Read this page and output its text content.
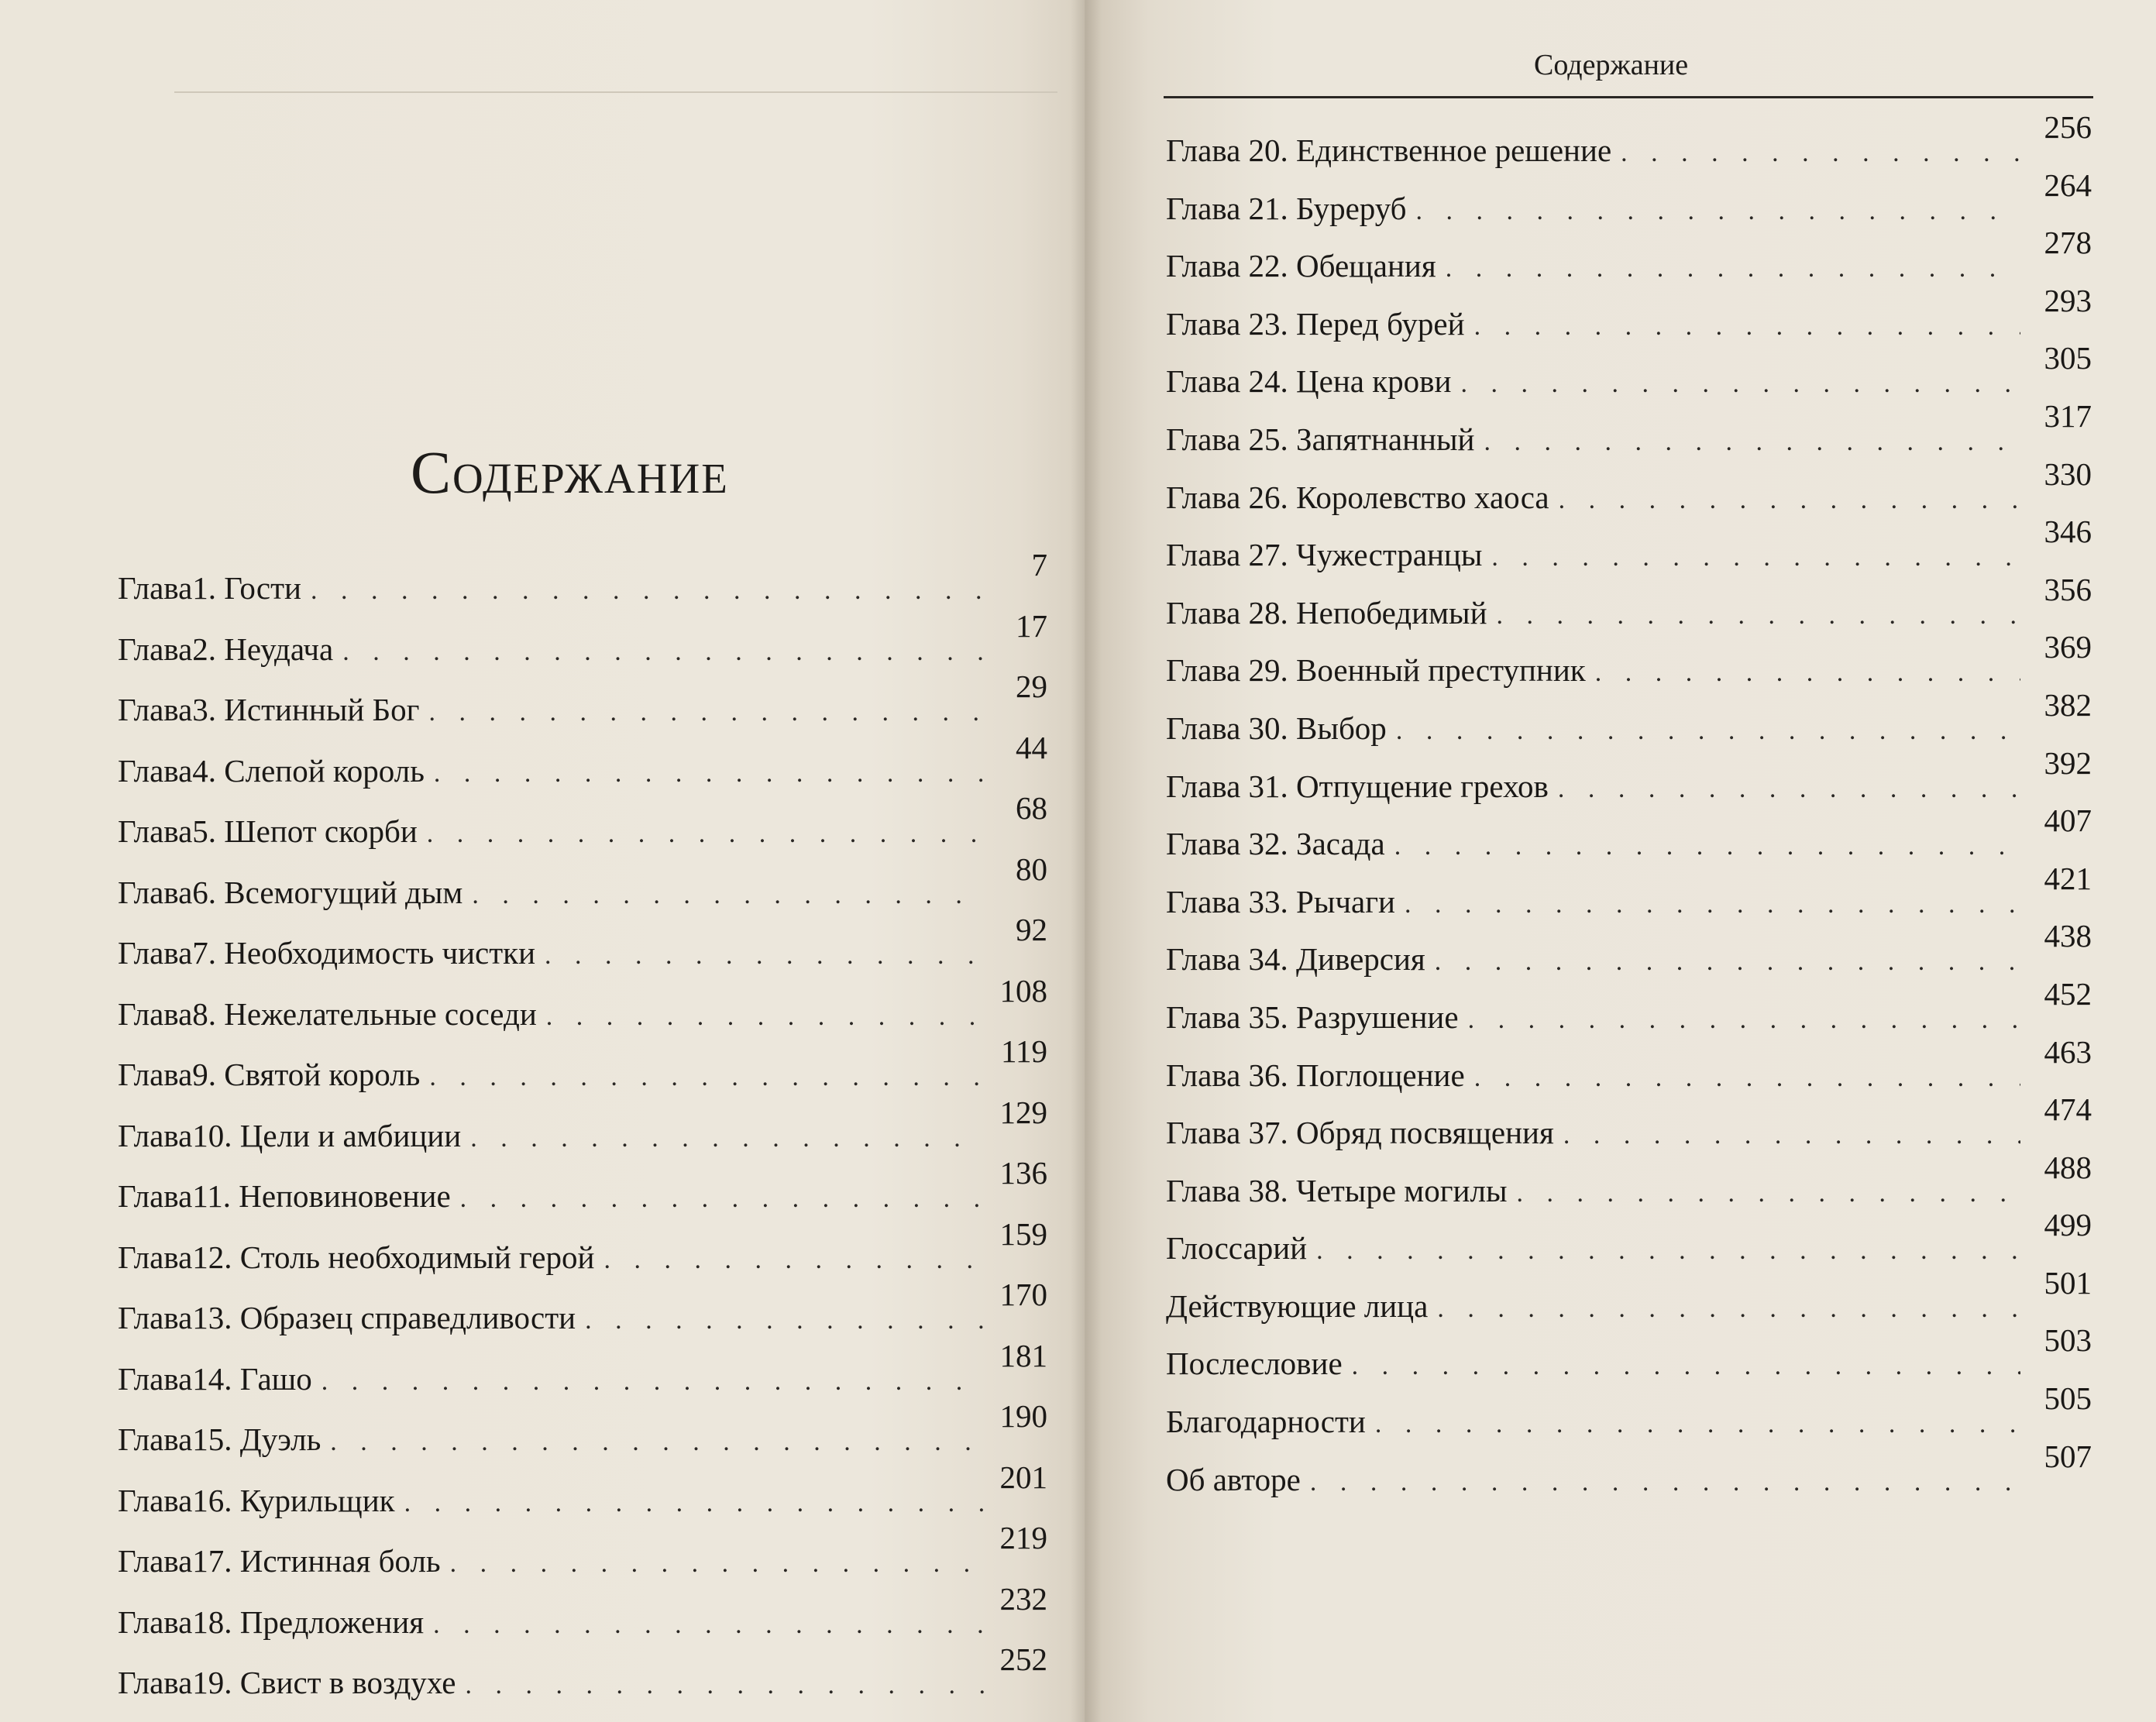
Содержание
Глава 1. Гости
. . .
7
Глава 2. Неудача
. . .
17
Глава 3. Истинный Бог
. . .
29
Глава 4. Слепой король
. . .
44
Глава 5. Шепот скорби
. . .
68
Глава 6. Всемогущий дым
. . .
80
Глава 7. Необходимость чистки
. . .
92
Глава 8. Нежелательные соседи
. . .
108
Глава 9. Святой король
. . .
119
Глава 10. Цели и амбиции
. . .
129
Глава 11. Неповиновение
. . .
136
Глава 12. Столь необходимый герой
. . .
159
Глава 13. Образец справедливости
. . .
170
Глава 14. Гашо
. . .
181
Глава 15. Дуэль
. . .
190
Глава 16. Курильщик
. . .
201
Глава 17. Истинная боль
. . .
219
Глава 18. Предложения
. . .
232
Глава 19. Свист в воздухе
. . .
252
Содержание
Глава 20. Единственное решение
. . .
256
Глава 21. Буреруб
. . .
264
Глава 22. Обещания
. . .
278
Глава 23. Перед бурей
. . .
293
Глава 24. Цена крови
. . .
305
Глава 25. Запятнанный
. . .
317
Глава 26. Королевство хаоса
. . .
330
Глава 27. Чужестранцы
. . .
346
Глава 28. Непобедимый
. . .
356
Глава 29. Военный преступник
. . .
369
Глава 30. Выбор
. . .
382
Глава 31. Отпущение грехов
. . .
392
Глава 32. Засада
. . .
407
Глава 33. Рычаги
. . .
421
Глава 34. Диверсия
. . .
438
Глава 35. Разрушение
. . .
452
Глава 36. Поглощение
. . .
463
Глава 37. Обряд посвящения
. . .
474
Глава 38. Четыре могилы
. . .
488
Глоссарий
. . .
499
Действующие лица
. . .
501
Послесловие
. . .
503
Благодарности
. . .
505
Об авторе
. . .
507
